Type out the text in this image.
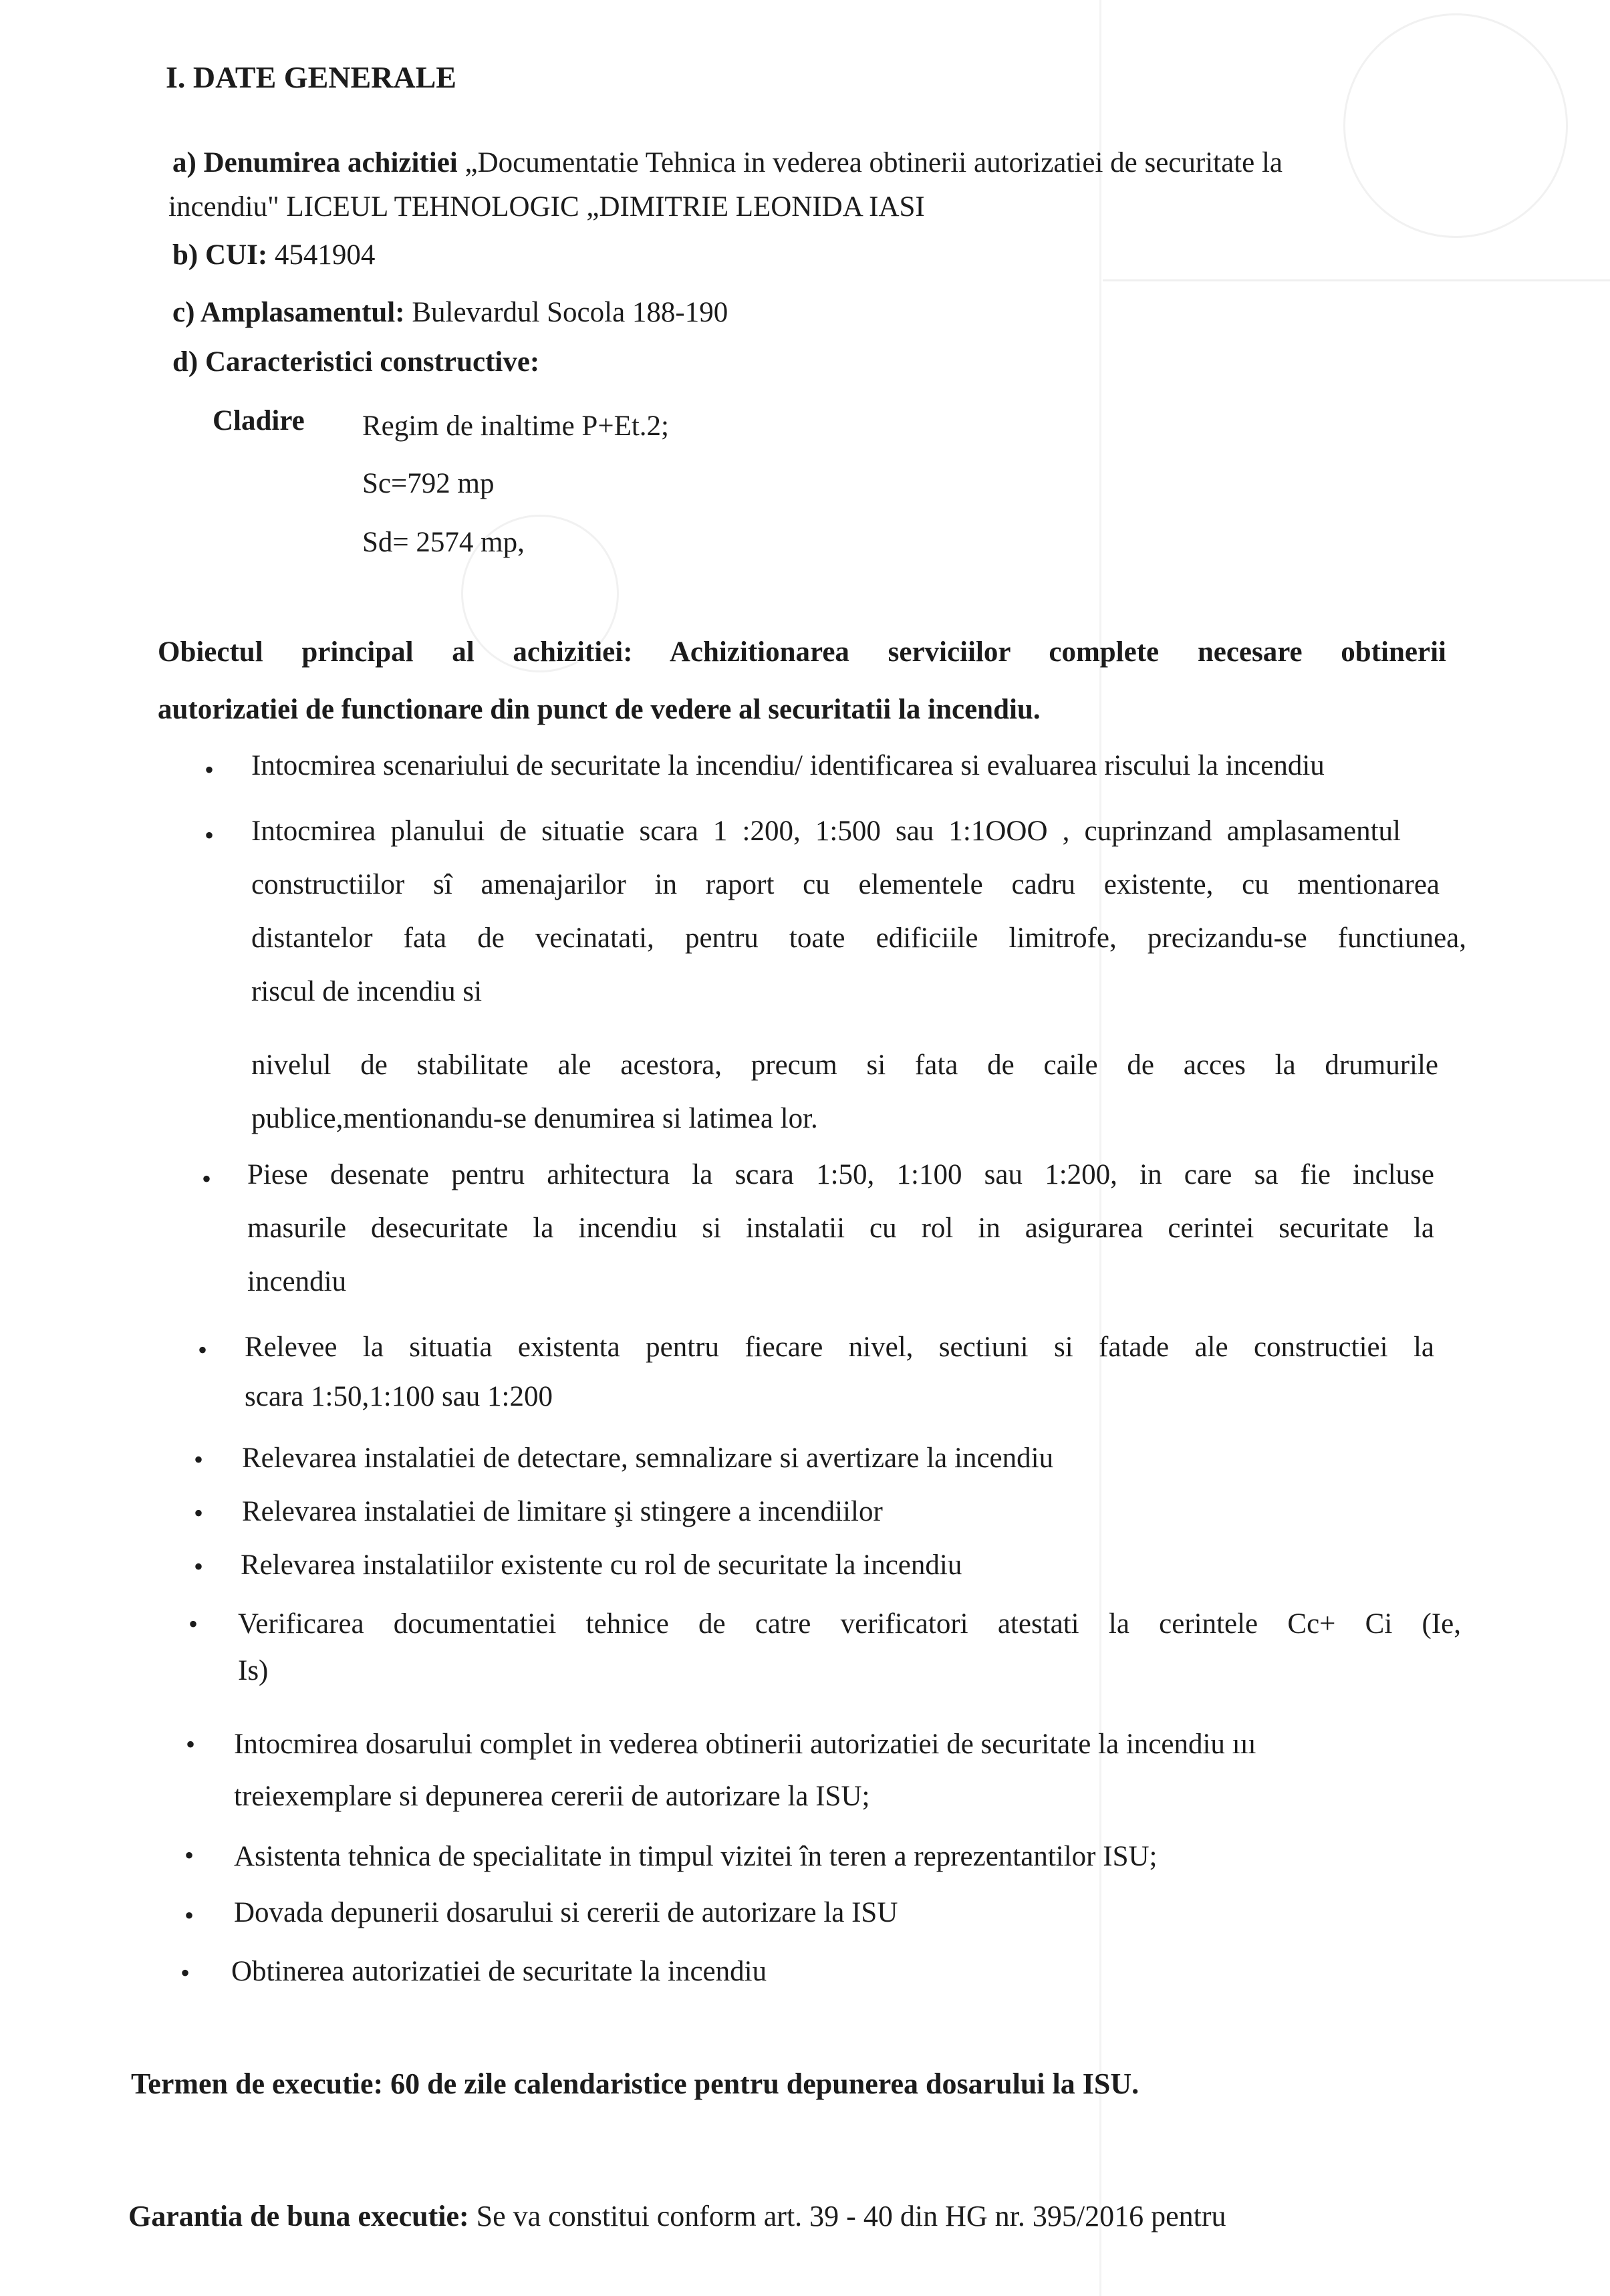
I. DATE GENERALE
a) Denumirea achizitiei „Documentatie Tehnica in vederea obtinerii autorizatiei de securitate la
incendiu" LICEUL TEHNOLOGIC „DIMITRIE LEONIDA IASI
b) CUI: 4541904
c) Amplasamentul: Bulevardul Socola 188-190
d) Caracteristici constructive:
Cladire Regim de inaltime P+Et.2;
Sc=792 mp
Sd= 2574 mp,
Obiectul principal al achizitiei: Achizitionarea serviciilor complete necesare obtinerii
autorizatiei de functionare din punct de vedere al securitatii la incendiu.
• Intocmirea scenariului de securitate la incendiu/ identificarea si evaluarea riscului la incendiu
• Intocmirea planului de situatie scara 1 :200, 1:500 sau 1:1OOO , cuprinzand amplasamentul
constructiilor sî amenajarilor in raport cu elementele cadru existente, cu mentionarea
distantelor fata de vecinatati, pentru toate edificiile limitrofe, precizandu-se functiunea,
riscul de incendiu si
nivelul de stabilitate ale acestora, precum si fata de caile de acces la drumurile
publice,mentionandu-se denumirea si latimea lor.
• Piese desenate pentru arhitectura la scara 1:50, 1:100 sau 1:200, in care sa fie incluse
masurile desecuritate la incendiu si instalatii cu rol in asigurarea cerintei securitate la
incendiu
• Relevee la situatia existenta pentru fiecare nivel, sectiuni si fatade ale constructiei la
scara 1:50,1:100 sau 1:200
• Relevarea instalatiei de detectare, semnalizare si avertizare la incendiu
• Relevarea instalatiei de limitare şi stingere a incendiilor
• Relevarea instalatiilor existente cu rol de securitate la incendiu
• Verificarea documentatiei tehnice de catre verificatori atestati la cerintele Cc+ Ci (Ie,
Is)
• Intocmirea dosarului complet in vederea obtinerii autorizatiei de securitate la incendiu ııı
treiexemplare si depunerea cererii de autorizare la ISU;
• Asistenta tehnica de specialitate in timpul vizitei în teren a reprezentantilor ISU;
• Dovada depunerii dosarului si cererii de autorizare la ISU
• Obtinerea autorizatiei de securitate la incendiu
Termen de executie: 60 de zile calendaristice pentru depunerea dosarului la ISU.
Garantia de buna executie: Se va constitui conform art. 39 - 40 din HG nr. 395/2016 pentru
